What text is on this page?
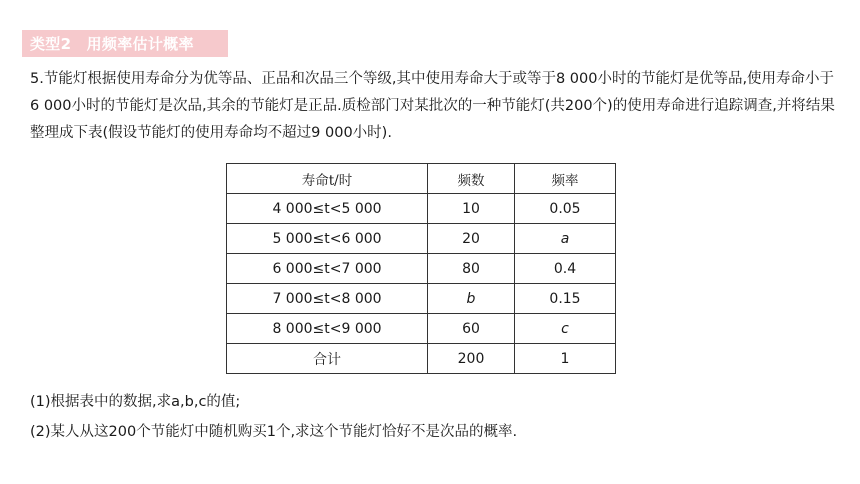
类型2　用频率估计概率

5.节能灯根据使用寿命分为优等品、正品和次品三个等级,其中使用寿命大于或等于8 000小时的节能灯是优等品,使用寿命小于6 000小时的节能灯是次品,其余的节能灯是正品.质检部门对某批次的一种节能灯(共200个)的使用寿命进行追踪调查,并将结果整理成下表(假设节能灯的使用寿命均不超过9 000小时).

寿命t/时	频数	频率
4 000≤t<5 000	10	0.05
5 000≤t<6 000	20	a
6 000≤t<7 000	80	0.4
7 000≤t<8 000	b	0.15
8 000≤t<9 000	60	c
合计	200	1

(1)根据表中的数据,求a,b,c的值;

(2)某人从这200个节能灯中随机购买1个,求这个节能灯恰好不是次品的概率.
